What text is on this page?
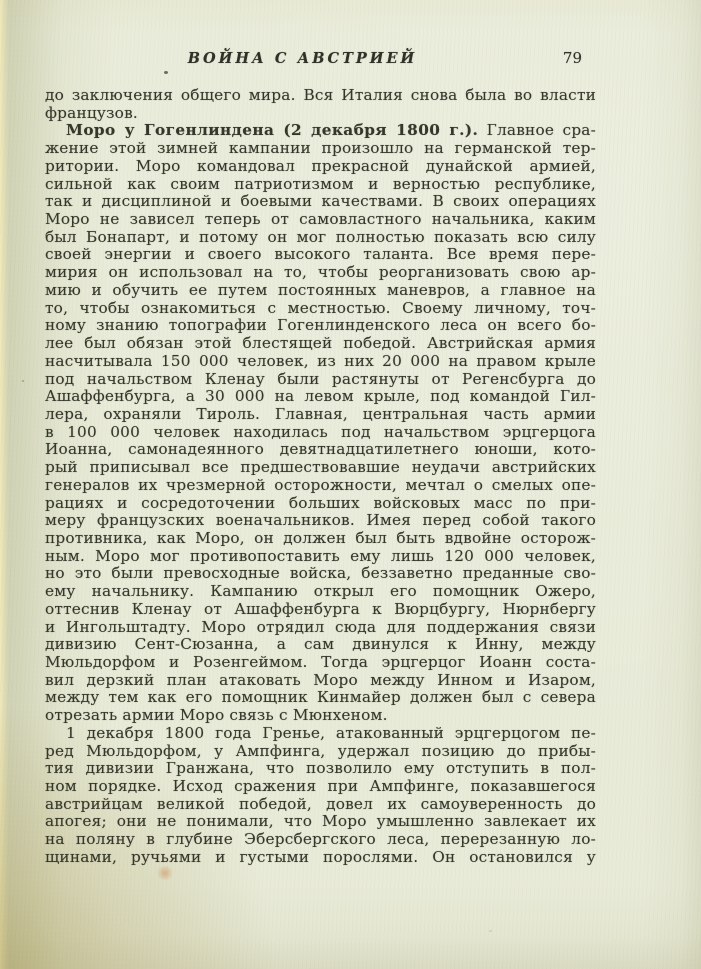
ВОЙНА С АВСТРИЕЙ	79
до заключения общего мира. Вся Италия снова была во власти
французов.
Моро у Гогенлиндена (2 декабря 1800 г.). Главное сра-
жение этой зимней кампании произошло на германской тер-
ритории. Моро командовал прекрасной дунайской армией,
сильной как своим патриотизмом и верностью республике,
так и дисциплиной и боевыми качествами. В своих операциях
Моро не зависел теперь от самовластного начальника, каким
был Бонапарт, и потому он мог полностью показать всю силу
своей энергии и своего высокого таланта. Все время пере-
мирия он использовал на то, чтобы реорганизовать свою ар-
мию и обучить ее путем постоянных маневров, а главное на
то, чтобы ознакомиться с местностью. Своему личному, точ-
ному знанию топографии Гогенлинденского леса он всего бо-
лее был обязан этой блестящей победой. Австрийская армия
насчитывала 150 000 человек, из них 20 000 на правом крыле
под начальством Кленау были растянуты от Регенсбурга до
Ашаффенбурга, а 30 000 на левом крыле, под командой Гил-
лера, охраняли Тироль. Главная, центральная часть армии
в 100 000 человек находилась под начальством эрцгерцога
Иоанна, самонадеянного девятнадцатилетнего юноши, кото-
рый приписывал все предшествовавшие неудачи австрийских
генералов их чрезмерной осторожности, мечтал о смелых опе-
рациях и сосредоточении больших войсковых масс по при-
меру французских военачальников. Имея перед собой такого
противника, как Моро, он должен был быть вдвойне осторож-
ным. Моро мог противопоставить ему лишь 120 000 человек,
но это были превосходные войска, беззаветно преданные сво-
ему начальнику. Кампанию открыл его помощник Ожеро,
оттеснив Кленау от Ашаффенбурга к Вюрцбургу, Нюрнбергу
и Ингольштадту. Моро отрядил сюда для поддержания связи
дивизию Сент-Сюзанна, а сам двинулся к Инну, между
Мюльдорфом и Розенгеймом. Тогда эрцгерцог Иоанн соста-
вил дерзкий план атаковать Моро между Инном и Изаром,
между тем как его помощник Кинмайер должен был с севера
отрезать армии Моро связь с Мюнхеном.
1 декабря 1800 года Гренье, атакованный эрцгерцогом пе-
ред Мюльдорфом, у Ампфинга, удержал позицию до прибы-
тия дивизии Гранжана, что позволило ему отступить в пол-
ном порядке. Исход сражения при Ампфинге, показавшегося
австрийцам великой победой, довел их самоуверенность до
апогея; они не понимали, что Моро умышленно завлекает их
на поляну в глубине Эберсбергского леса, перерезанную ло-
щинами, ручьями и густыми порослями. Он остановился у
